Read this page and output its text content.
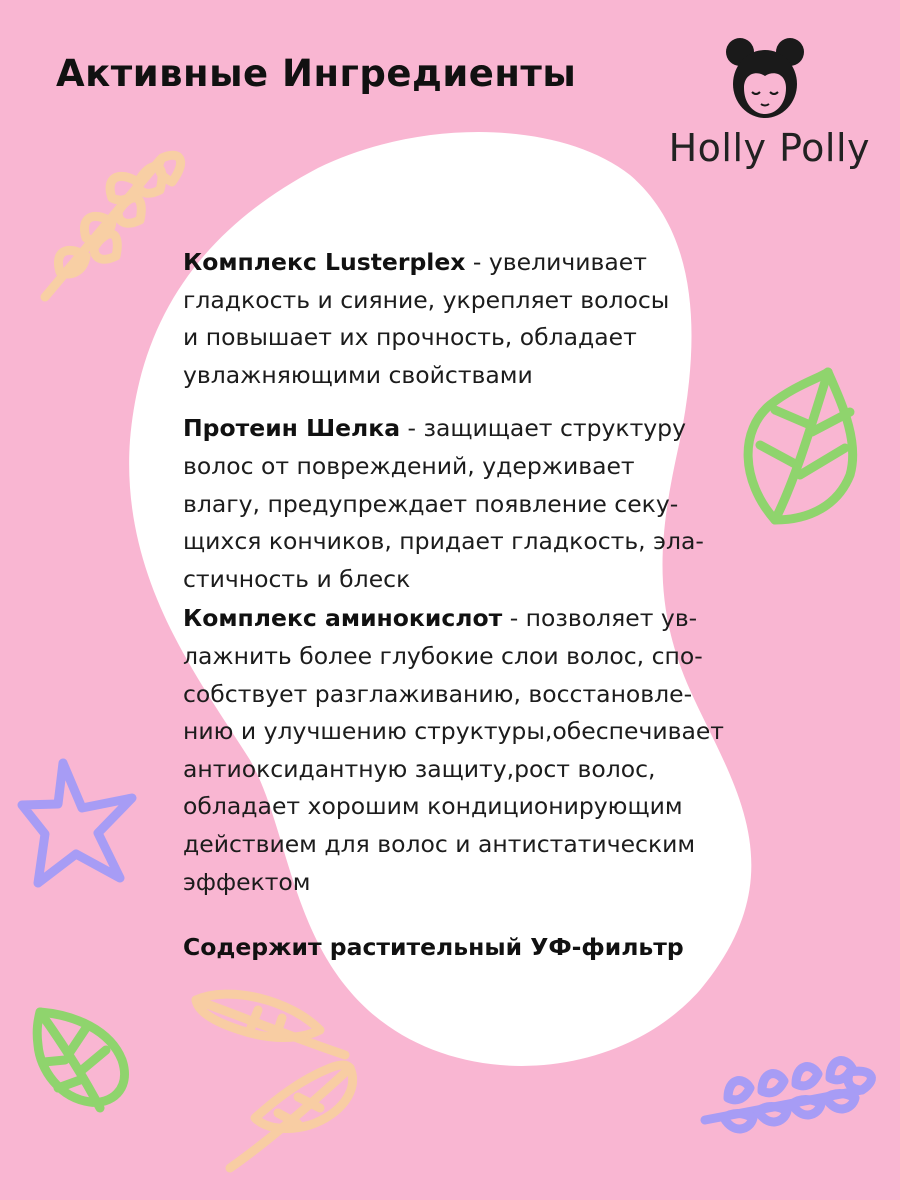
Активные Ингредиенты
Holly Polly
Комплекс Lusterplex - увеличивает
гладкость и сияние, укрепляет волосы
и повышает их прочность, обладает
увлажняющими свойствами
Протеин Шелка - защищает структуру
волос от повреждений, удерживает
влагу, предупреждает появление секу-
щихся кончиков, придает гладкость, эла-
стичность и блеск
Комплекс аминокислот - позволяет ув-
лажнить более глубокие слои волос, спо-
собствует разглаживанию, восстановле-
нию и улучшению структуры,обеспечивает
антиоксидантную защиту,рост волос,
обладает хорошим кондиционирующим
действием для волос и антистатическим
эффектом
Содержит растительный УФ-фильтр
